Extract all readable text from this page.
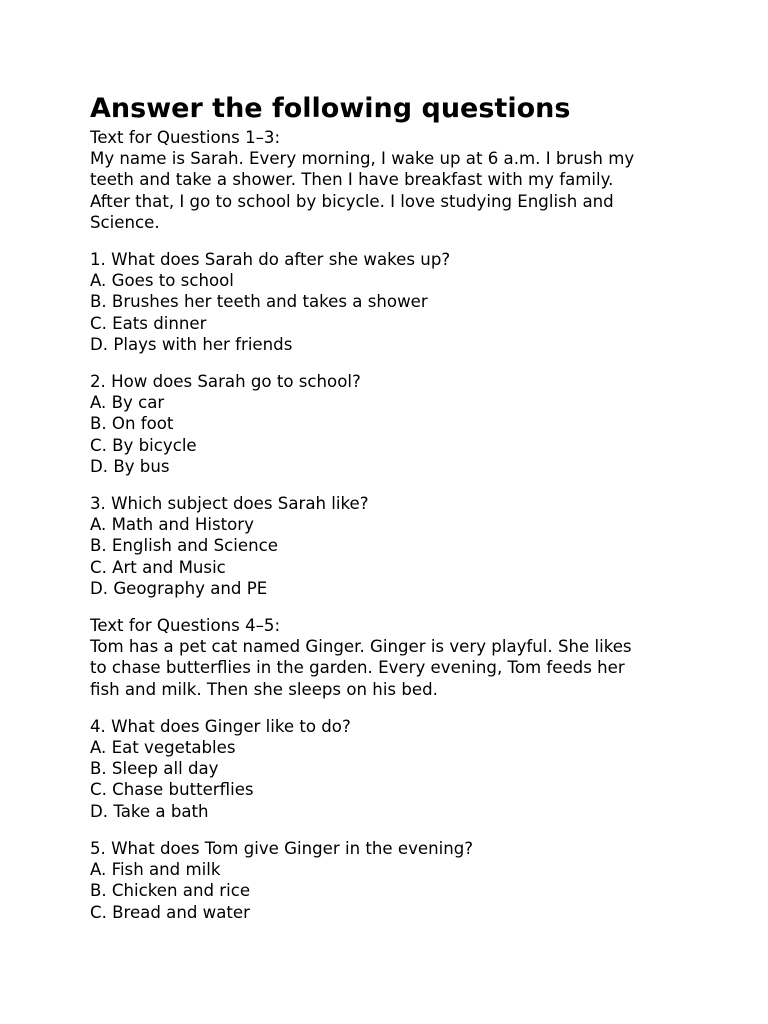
Answer the following questions

Text for Questions 1–3:

My name is Sarah. Every morning, I wake up at 6 a.m. I brush my

teeth and take a shower. Then I have breakfast with my family.

After that, I go to school by bicycle. I love studying English and

Science.

1. What does Sarah do after she wakes up?

A. Goes to school

B. Brushes her teeth and takes a shower

C. Eats dinner

D. Plays with her friends

2. How does Sarah go to school?

A. By car

B. On foot

C. By bicycle

D. By bus

3. Which subject does Sarah like?

A. Math and History

B. English and Science

C. Art and Music

D. Geography and PE

Text for Questions 4–5:

Tom has a pet cat named Ginger. Ginger is very playful. She likes

to chase butterflies in the garden. Every evening, Tom feeds her

fish and milk. Then she sleeps on his bed.

4. What does Ginger like to do?

A. Eat vegetables

B. Sleep all day

C. Chase butterflies

D. Take a bath

5. What does Tom give Ginger in the evening?

A. Fish and milk

B. Chicken and rice

C. Bread and water
